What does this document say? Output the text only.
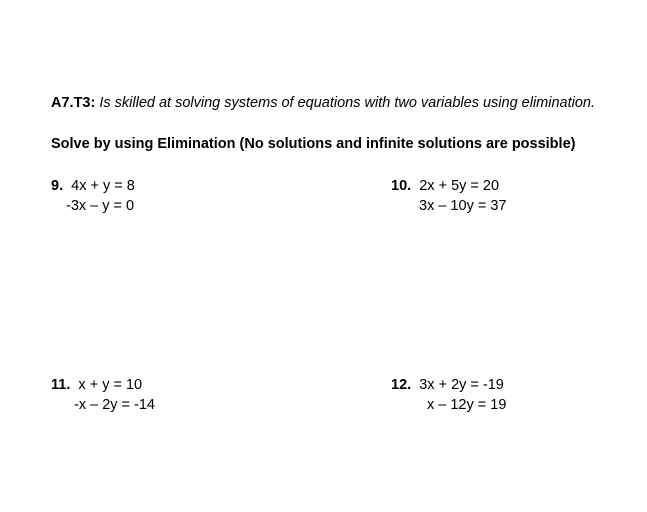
A7.T3: Is skilled at solving systems of equations with two variables using elimination.
Solve by using Elimination (No solutions and infinite solutions are possible)
9. 4x + y = 8
-3x – y = 0
10. 2x + 5y = 20
3x – 10y = 37
11. x + y = 10
-x – 2y = -14
12. 3x + 2y = -19
x – 12y = 19
